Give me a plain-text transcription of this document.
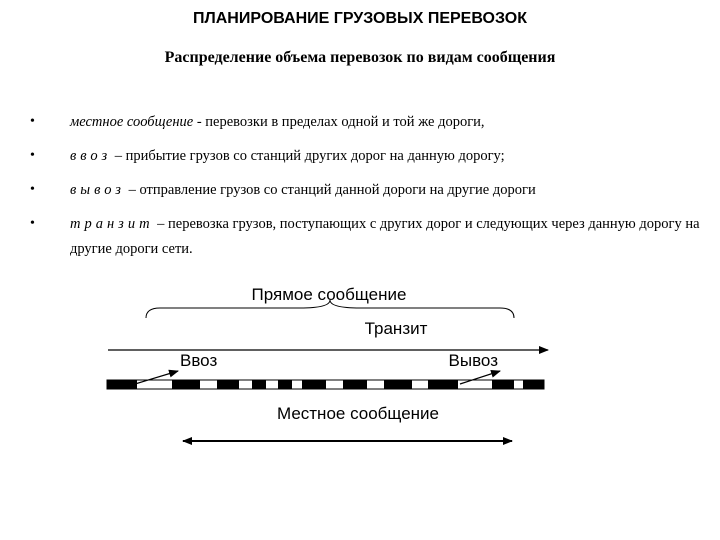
ПЛАНИРОВАНИЕ ГРУЗОВЫХ ПЕРЕВОЗОК
Распределение объема перевозок по видам сообщения
•	местное сообщение - перевозки в пределах одной и той же дороги,
•	ввоз – прибытие грузов со станций других дорог на данную дорогу;
•	вывоз – отправление грузов со станций данной дороги на другие дороги
•	транзит – перевозка грузов, поступающих с других дорог и следующих через данную дорогу на другие дороги сети.
Прямое сообщение
Транзит
Ввоз	Вывоз
Местное сообщение
